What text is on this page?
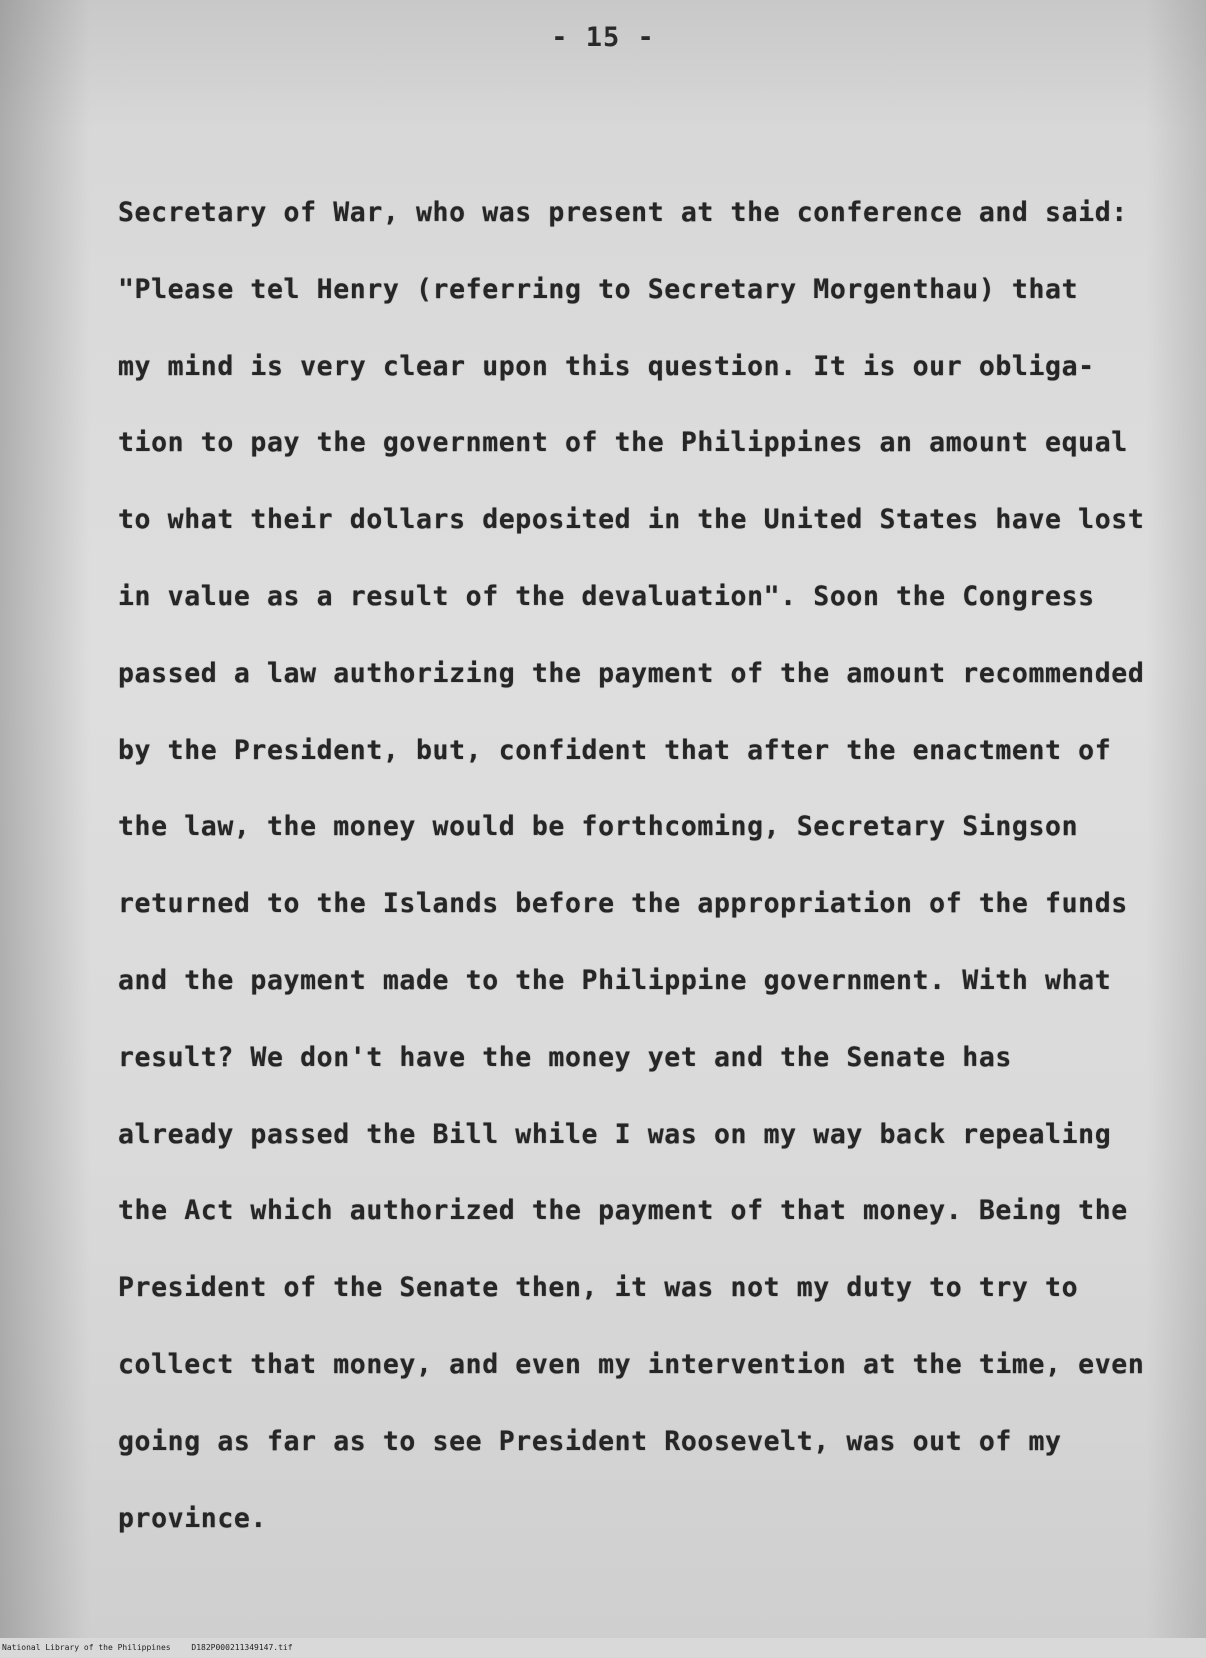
- 15 -
Secretary of War, who was present at the conference and said:
"Please tel Henry (referring to Secretary Morgenthau) that
my mind is very clear upon this question. It is our obliga-
tion to pay the government of the Philippines an amount equal
to what their dollars deposited in the United States have lost
in value as a result of the devaluation". Soon the Congress
passed a law authorizing the payment of the amount recommended
by the President, but, confident that after the enactment of
the law, the money would be forthcoming, Secretary Singson
returned to the Islands before the appropriation of the funds
and the payment made to the Philippine government. With what
result? We don't have the money yet and the Senate has
already passed the Bill while I was on my way back repealing
the Act which authorized the payment of that money. Being the
President of the Senate then, it was not my duty to try to
collect that money, and even my intervention at the time, even
going as far as to see President Roosevelt, was out of my
province.
National Library of the Philippines	D182P000211349147.tif
